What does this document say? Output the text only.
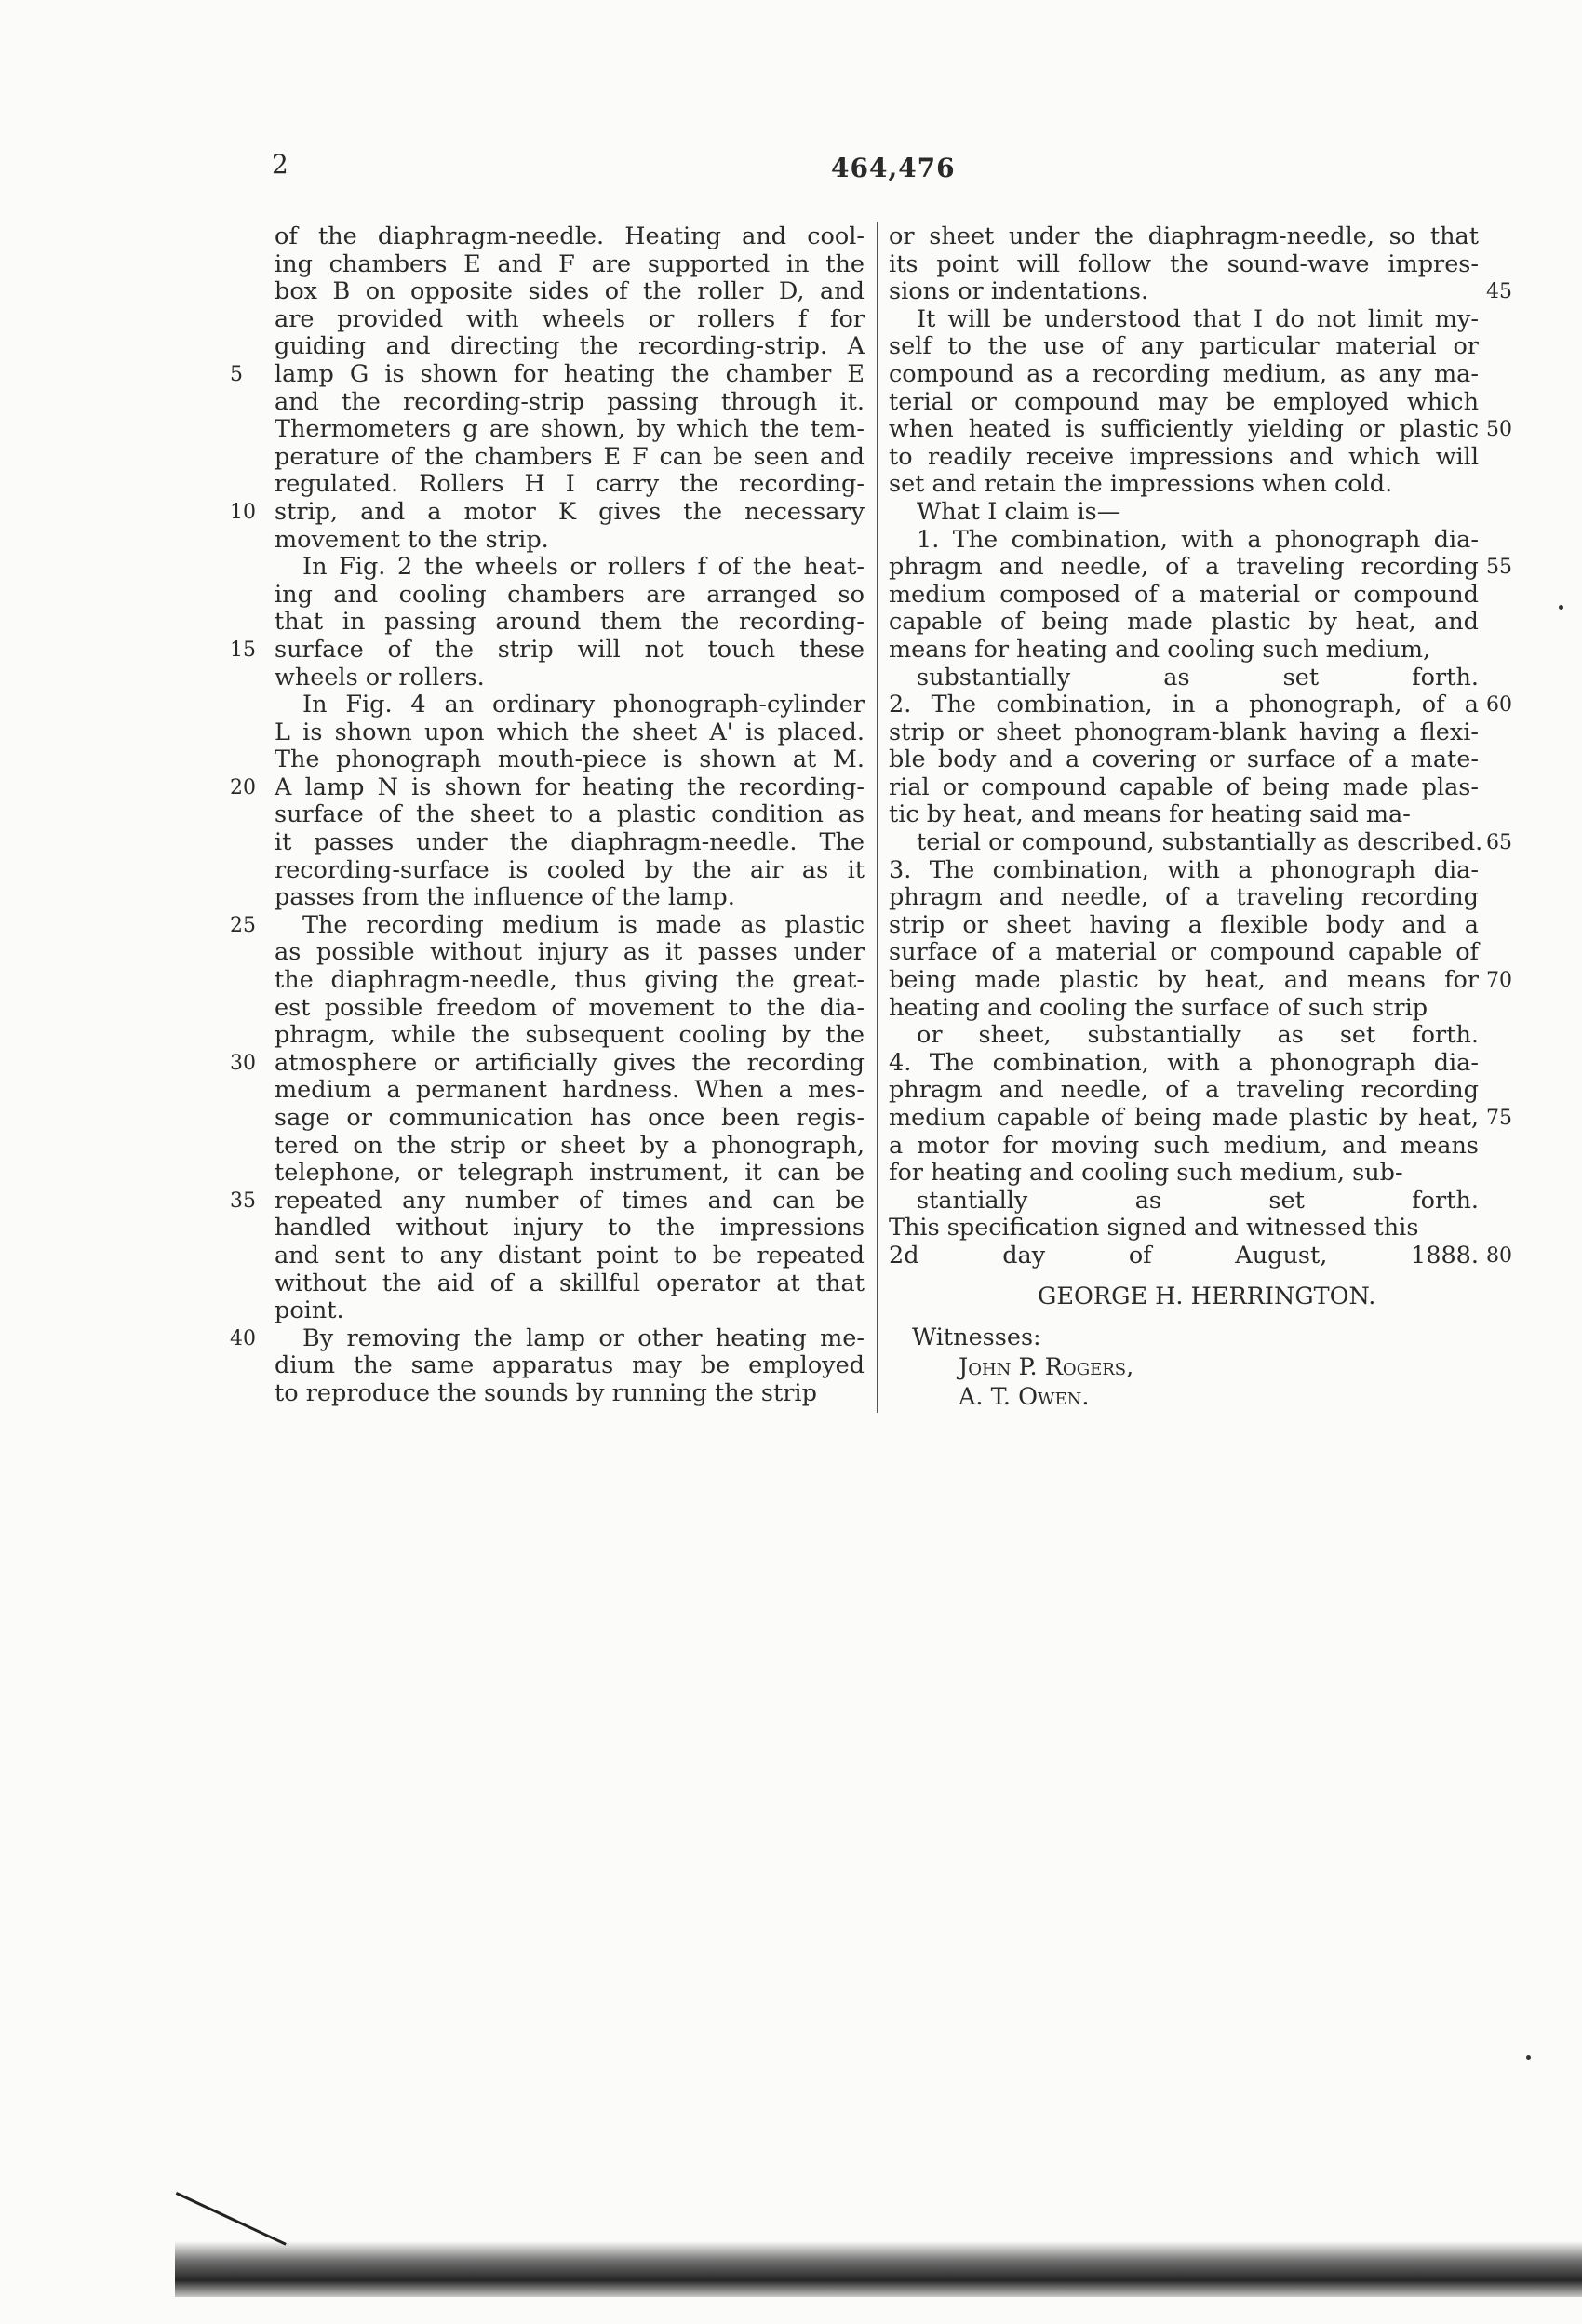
2	464,476
of the diaphragm-needle. Heating and cool-
ing chambers E and F are supported in the
box B on opposite sides of the roller D, and
are provided with wheels or rollers f for
guiding and directing the recording-strip. A
5 lamp G is shown for heating the chamber E
and the recording-strip passing through it.
Thermometers g are shown, by which the tem-
perature of the chambers E F can be seen and
regulated. Rollers H I carry the recording-
10 strip, and a motor K gives the necessary
movement to the strip.
In Fig. 2 the wheels or rollers f of the heat-
ing and cooling chambers are arranged so
that in passing around them the recording-
15 surface of the strip will not touch these
wheels or rollers.
In Fig. 4 an ordinary phonograph-cylinder
L is shown upon which the sheet A' is placed.
The phonograph mouth-piece is shown at M.
20 A lamp N is shown for heating the recording-
surface of the sheet to a plastic condition as
it passes under the diaphragm-needle. The
recording-surface is cooled by the air as it
passes from the influence of the lamp.
25	The recording medium is made as plastic
as possible without injury as it passes under
the diaphragm-needle, thus giving the great-
est possible freedom of movement to the dia-
phragm, while the subsequent cooling by the
30 atmosphere or artificially gives the recording
medium a permanent hardness. When a mes-
sage or communication has once been regis-
tered on the strip or sheet by a phonograph,
telephone, or telegraph instrument, it can be
35 repeated any number of times and can be
handled without injury to the impressions
and sent to any distant point to be repeated
without the aid of a skillful operator at that
point.
40	By removing the lamp or other heating me-
dium the same apparatus may be employed
to reproduce the sounds by running the strip
or sheet under the diaphragm-needle, so that
its point will follow the sound-wave impres-
45
sions or indentations.
It will be understood that I do not limit my-
self to the use of any particular material or
compound as a recording medium, as any ma-
terial or compound may be employed which
50
when heated is sufficiently yielding or plastic
to readily receive impressions and which will
set and retain the impressions when cold.
What I claim is—
1. The combination, with a phonograph dia-
55
phragm and needle, of a traveling recording
medium composed of a material or compound
capable of being made plastic by heat, and
means for heating and cooling such medium,
substantially as set forth.
60
2. The combination, in a phonograph, of a
strip or sheet phonogram-blank having a flexi-
ble body and a covering or surface of a mate-
rial or compound capable of being made plas-
tic by heat, and means for heating said ma-
65
terial or compound, substantially as described.
3. The combination, with a phonograph dia-
phragm and needle, of a traveling recording
strip or sheet having a flexible body and a
surface of a material or compound capable of
70
being made plastic by heat, and means for
heating and cooling the surface of such strip
or sheet, substantially as set forth.
4. The combination, with a phonograph dia-
phragm and needle, of a traveling recording
75
medium capable of being made plastic by heat,
a motor for moving such medium, and means
for heating and cooling such medium, sub-
stantially as set forth.
This specification signed and witnessed this
80
2d day of August, 1888.
GEORGE H. HERRINGTON.
Witnesses:
John P. Rogers,
A. T. Owen.
